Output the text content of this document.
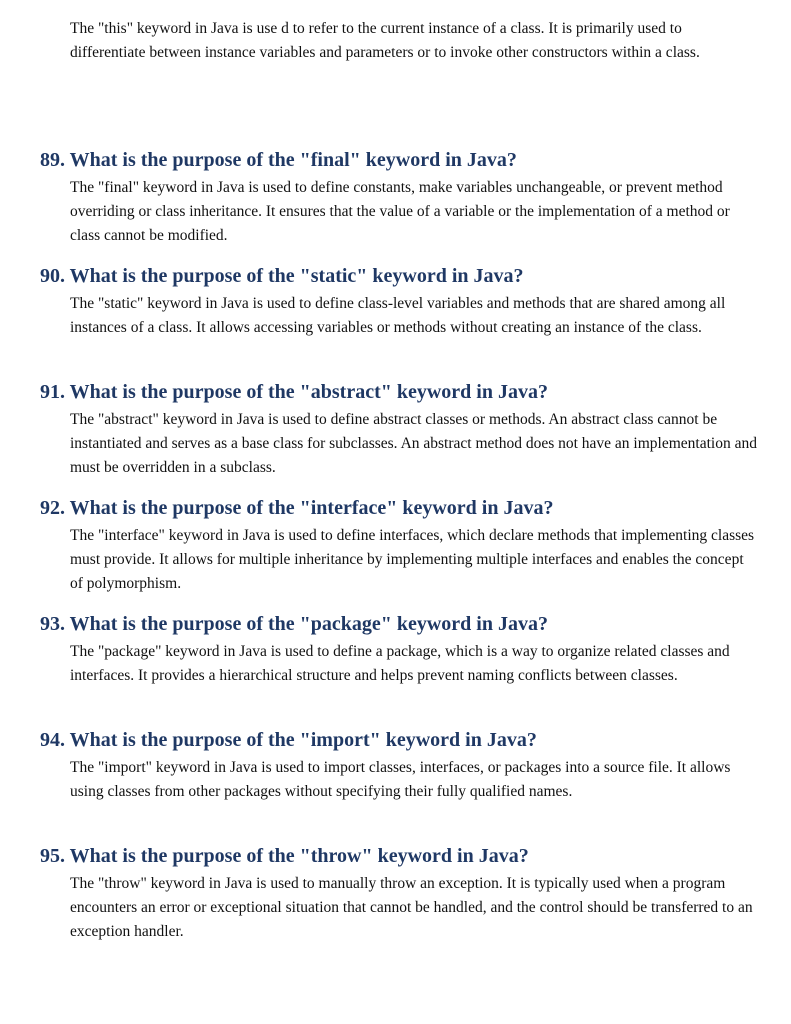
The "this" keyword in Java is use d to refer to the current instance of a class. It is primarily used to differentiate between instance variables and parameters or to invoke other constructors within a class.

89. What is the purpose of the "final" keyword in Java?
The "final" keyword in Java is used to define constants, make variables unchangeable, or prevent method overriding or class inheritance. It ensures that the value of a variable or the implementation of a method or class cannot be modified.
90. What is the purpose of the "static" keyword in Java?
The "static" keyword in Java is used to define class-level variables and methods that are shared among all instances of a class. It allows accessing variables or methods without creating an instance of the class.
91. What is the purpose of the "abstract" keyword in Java?
The "abstract" keyword in Java is used to define abstract classes or methods. An abstract class cannot be instantiated and serves as a base class for subclasses. An abstract method does not have an implementation and must be overridden in a subclass.
92. What is the purpose of the "interface" keyword in Java?
The "interface" keyword in Java is used to define interfaces, which declare methods that implementing classes must provide. It allows for multiple inheritance by implementing multiple interfaces and enables the concept of polymorphism.
93. What is the purpose of the "package" keyword in Java?
The "package" keyword in Java is used to define a package, which is a way to organize related classes and interfaces. It provides a hierarchical structure and helps prevent naming conflicts between classes.
94. What is the purpose of the "import" keyword in Java?
The "import" keyword in Java is used to import classes, interfaces, or packages into a source file. It allows using classes from other packages without specifying their fully qualified names.
95. What is the purpose of the "throw" keyword in Java?
The "throw" keyword in Java is used to manually throw an exception. It is typically used when a program encounters an error or exceptional situation that cannot be handled, and the control should be transferred to an exception handler.
